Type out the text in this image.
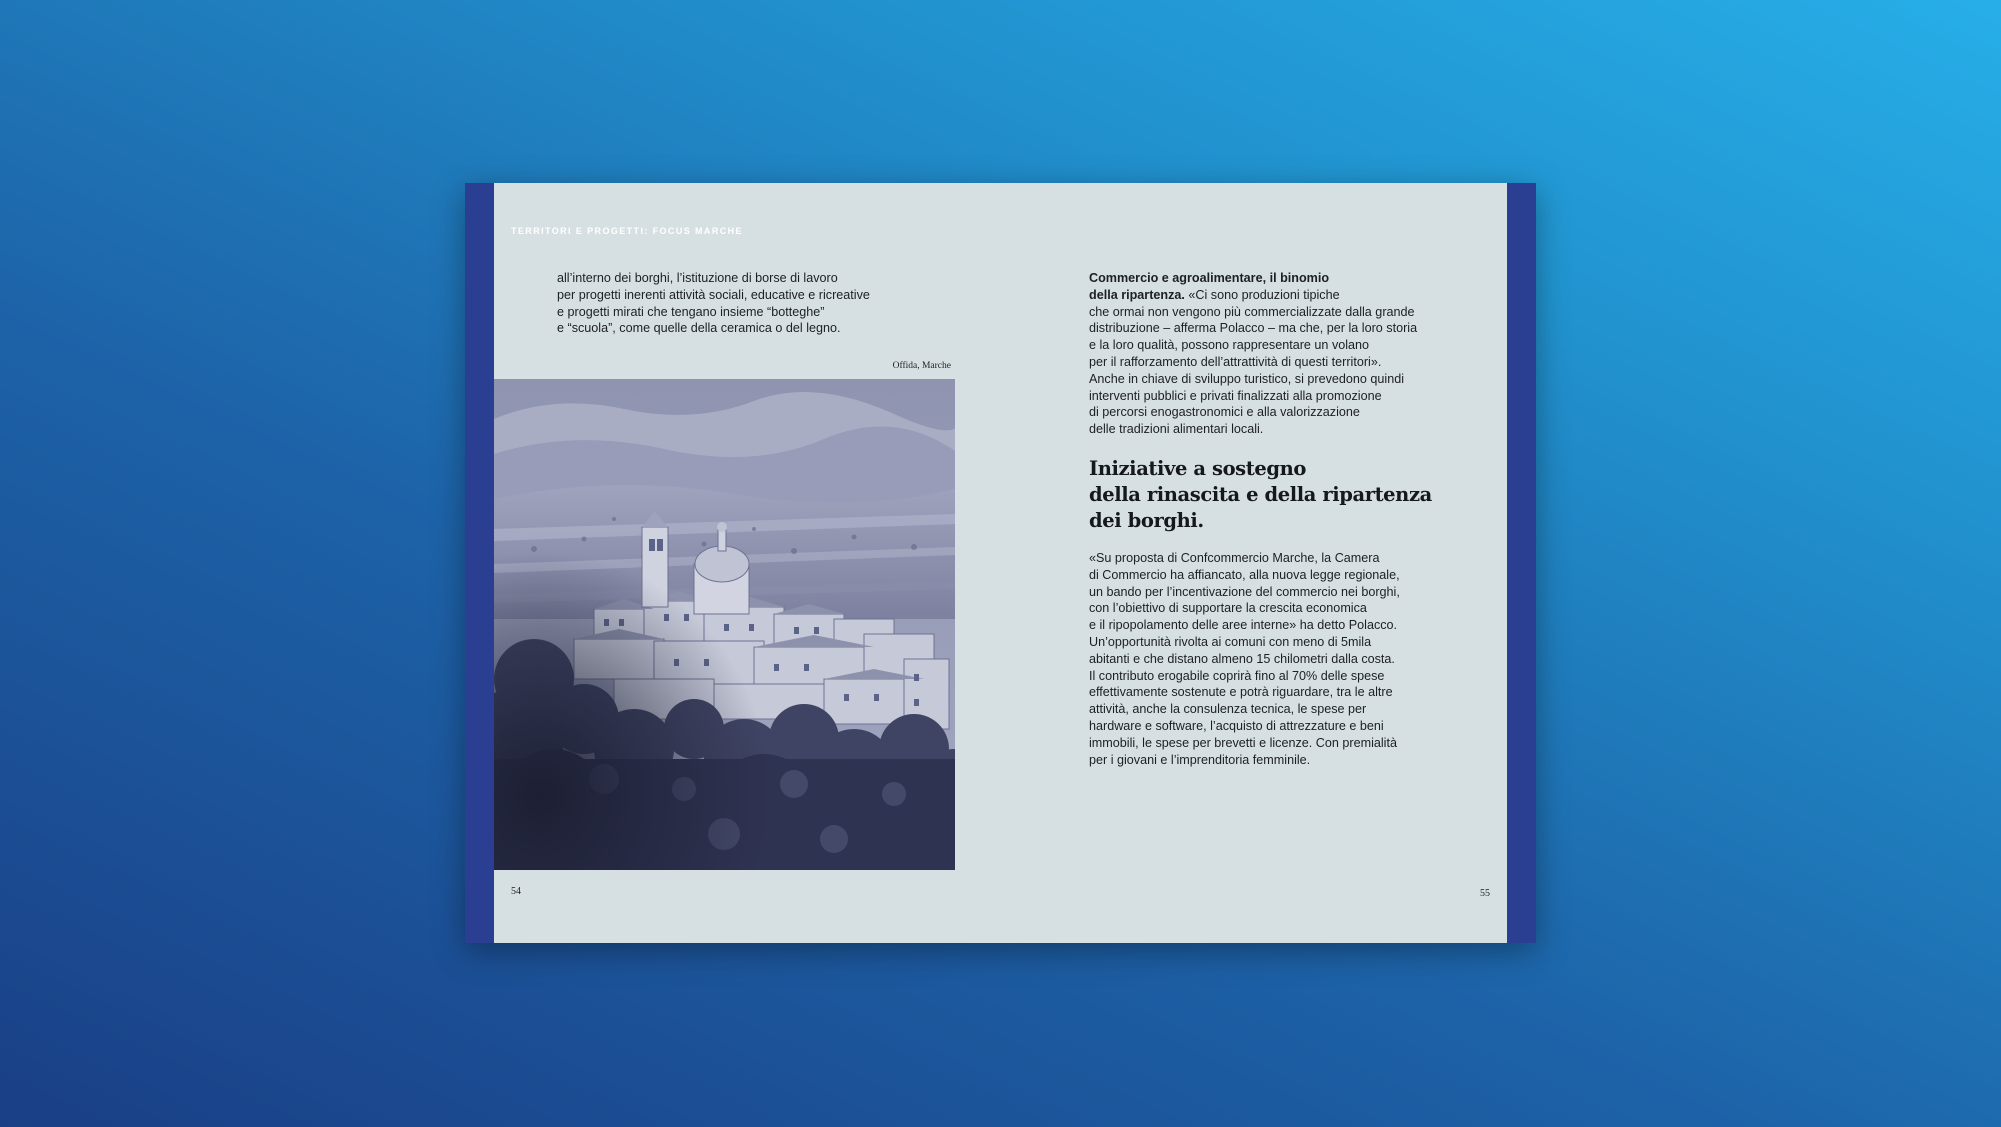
TERRITORI E PROGETTI: FOCUS MARCHE
all’interno dei borghi, l’istituzione di borse di lavoro
per progetti inerenti attività sociali, educative e ricreative
e progetti mirati che tengano insieme “botteghe”
e “scuola”, come quelle della ceramica o del legno.
Offida, Marche
54
Commercio e agroalimentare, il binomio
della ripartenza. «Ci sono produzioni tipiche
che ormai non vengono più commercializzate dalla grande
distribuzione – afferma Polacco – ma che, per la loro storia
e la loro qualità, possono rappresentare un volano
per il rafforzamento dell’attrattività di questi territori».
Anche in chiave di sviluppo turistico, si prevedono quindi
interventi pubblici e privati finalizzati alla promozione
di percorsi enogastronomici e alla valorizzazione
delle tradizioni alimentari locali.
Iniziative a sostegno
della rinascita e della ripartenza
dei borghi.
«Su proposta di Confcommercio Marche, la Camera
di Commercio ha affiancato, alla nuova legge regionale,
un bando per l’incentivazione del commercio nei borghi,
con l’obiettivo di supportare la crescita economica
e il ripopolamento delle aree interne» ha detto Polacco.
Un’opportunità rivolta ai comuni con meno di 5mila
abitanti e che distano almeno 15 chilometri dalla costa.
Il contributo erogabile coprirà fino al 70% delle spese
effettivamente sostenute e potrà riguardare, tra le altre
attività, anche la consulenza tecnica, le spese per
hardware e software, l’acquisto di attrezzature e beni
immobili, le spese per brevetti e licenze. Con premialità
per i giovani e l’imprenditoria femminile.
55
